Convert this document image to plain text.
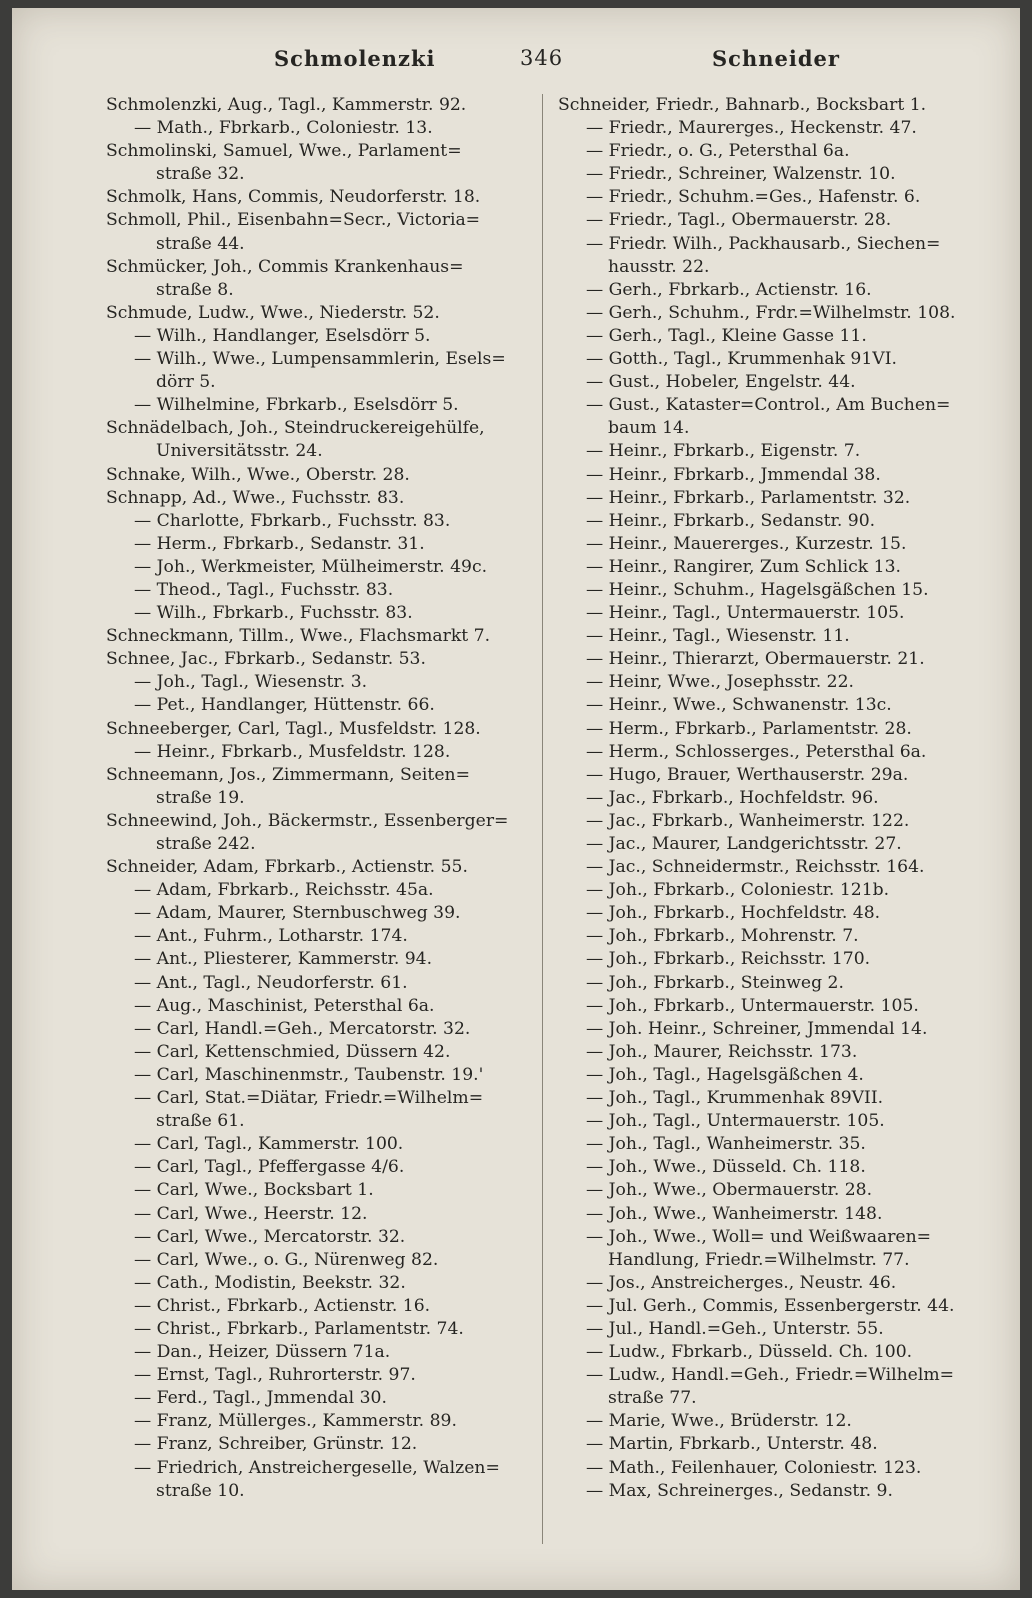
Schmolenzki	346	Schneider
Schmolenzki, Aug., Tagl., Kammerstr. 92.
— Math., Fbrkarb., Coloniestr. 13.
Schmolinski, Samuel, Wwe., Parlament=
straße 32.
Schmolk, Hans, Commis, Neudorferstr. 18.
Schmoll, Phil., Eisenbahn=Secr., Victoria=
straße 44.
Schmücker, Joh., Commis Krankenhaus=
straße 8.
Schmude, Ludw., Wwe., Niederstr. 52.
— Wilh., Handlanger, Eselsdörr 5.
— Wilh., Wwe., Lumpensammlerin, Esels=
dörr 5.
— Wilhelmine, Fbrkarb., Eselsdörr 5.
Schnädelbach, Joh., Steindruckereigehülfe,
Universitätsstr. 24.
Schnake, Wilh., Wwe., Oberstr. 28.
Schnapp, Ad., Wwe., Fuchsstr. 83.
— Charlotte, Fbrkarb., Fuchsstr. 83.
— Herm., Fbrkarb., Sedanstr. 31.
— Joh., Werkmeister, Mülheimerstr. 49c.
— Theod., Tagl., Fuchsstr. 83.
— Wilh., Fbrkarb., Fuchsstr. 83.
Schneckmann, Tillm., Wwe., Flachsmarkt 7.
Schnee, Jac., Fbrkarb., Sedanstr. 53.
— Joh., Tagl., Wiesenstr. 3.
— Pet., Handlanger, Hüttenstr. 66.
Schneeberger, Carl, Tagl., Musfeldstr. 128.
— Heinr., Fbrkarb., Musfeldstr. 128.
Schneemann, Jos., Zimmermann, Seiten=
straße 19.
Schneewind, Joh., Bäckermstr., Essenberger=
straße 242.
Schneider, Adam, Fbrkarb., Actienstr. 55.
— Adam, Fbrkarb., Reichsstr. 45a.
— Adam, Maurer, Sternbuschweg 39.
— Ant., Fuhrm., Lotharstr. 174.
— Ant., Pliesterer, Kammerstr. 94.
— Ant., Tagl., Neudorferstr. 61.
— Aug., Maschinist, Petersthal 6a.
— Carl, Handl.=Geh., Mercatorstr. 32.
— Carl, Kettenschmied, Düssern 42.
— Carl, Maschinenmstr., Taubenstr. 19.'
— Carl, Stat.=Diätar, Friedr.=Wilhelm=
straße 61.
— Carl, Tagl., Kammerstr. 100.
— Carl, Tagl., Pfeffergasse 4/6.
— Carl, Wwe., Bocksbart 1.
— Carl, Wwe., Heerstr. 12.
— Carl, Wwe., Mercatorstr. 32.
— Carl, Wwe., o. G., Nürenweg 82.
— Cath., Modistin, Beekstr. 32.
— Christ., Fbrkarb., Actienstr. 16.
— Christ., Fbrkarb., Parlamentstr. 74.
— Dan., Heizer, Düssern 71a.
— Ernst, Tagl., Ruhrorterstr. 97.
— Ferd., Tagl., Jmmendal 30.
— Franz, Müllerges., Kammerstr. 89.
— Franz, Schreiber, Grünstr. 12.
— Friedrich, Anstreichergeselle, Walzen=
straße 10.
Schneider, Friedr., Bahnarb., Bocksbart 1.
— Friedr., Maurerges., Heckenstr. 47.
— Friedr., o. G., Petersthal 6a.
— Friedr., Schreiner, Walzenstr. 10.
— Friedr., Schuhm.=Ges., Hafenstr. 6.
— Friedr., Tagl., Obermauerstr. 28.
— Friedr. Wilh., Packhausarb., Siechen=
hausstr. 22.
— Gerh., Fbrkarb., Actienstr. 16.
— Gerh., Schuhm., Frdr.=Wilhelmstr. 108.
— Gerh., Tagl., Kleine Gasse 11.
— Gotth., Tagl., Krummenhak 91VI.
— Gust., Hobeler, Engelstr. 44.
— Gust., Kataster=Control., Am Buchen=
baum 14.
— Heinr., Fbrkarb., Eigenstr. 7.
— Heinr., Fbrkarb., Jmmendal 38.
— Heinr., Fbrkarb., Parlamentstr. 32.
— Heinr., Fbrkarb., Sedanstr. 90.
— Heinr., Mauererges., Kurzestr. 15.
— Heinr., Rangirer, Zum Schlick 13.
— Heinr., Schuhm., Hagelsgäßchen 15.
— Heinr., Tagl., Untermauerstr. 105.
— Heinr., Tagl., Wiesenstr. 11.
— Heinr., Thierarzt, Obermauerstr. 21.
— Heinr, Wwe., Josephsstr. 22.
— Heinr., Wwe., Schwanenstr. 13c.
— Herm., Fbrkarb., Parlamentstr. 28.
— Herm., Schlosserges., Petersthal 6a.
— Hugo, Brauer, Werthauserstr. 29a.
— Jac., Fbrkarb., Hochfeldstr. 96.
— Jac., Fbrkarb., Wanheimerstr. 122.
— Jac., Maurer, Landgerichtsstr. 27.
— Jac., Schneidermstr., Reichsstr. 164.
— Joh., Fbrkarb., Coloniestr. 121b.
— Joh., Fbrkarb., Hochfeldstr. 48.
— Joh., Fbrkarb., Mohrenstr. 7.
— Joh., Fbrkarb., Reichsstr. 170.
— Joh., Fbrkarb., Steinweg 2.
— Joh., Fbrkarb., Untermauerstr. 105.
— Joh. Heinr., Schreiner, Jmmendal 14.
— Joh., Maurer, Reichsstr. 173.
— Joh., Tagl., Hagelsgäßchen 4.
— Joh., Tagl., Krummenhak 89VII.
— Joh., Tagl., Untermauerstr. 105.
— Joh., Tagl., Wanheimerstr. 35.
— Joh., Wwe., Düsseld. Ch. 118.
— Joh., Wwe., Obermauerstr. 28.
— Joh., Wwe., Wanheimerstr. 148.
— Joh., Wwe., Woll= und Weißwaaren=
Handlung, Friedr.=Wilhelmstr. 77.
— Jos., Anstreicherges., Neustr. 46.
— Jul. Gerh., Commis, Essenbergerstr. 44.
— Jul., Handl.=Geh., Unterstr. 55.
— Ludw., Fbrkarb., Düsseld. Ch. 100.
— Ludw., Handl.=Geh., Friedr.=Wilhelm=
straße 77.
— Marie, Wwe., Brüderstr. 12.
— Martin, Fbrkarb., Unterstr. 48.
— Math., Feilenhauer, Coloniestr. 123.
— Max, Schreinerges., Sedanstr. 9.
